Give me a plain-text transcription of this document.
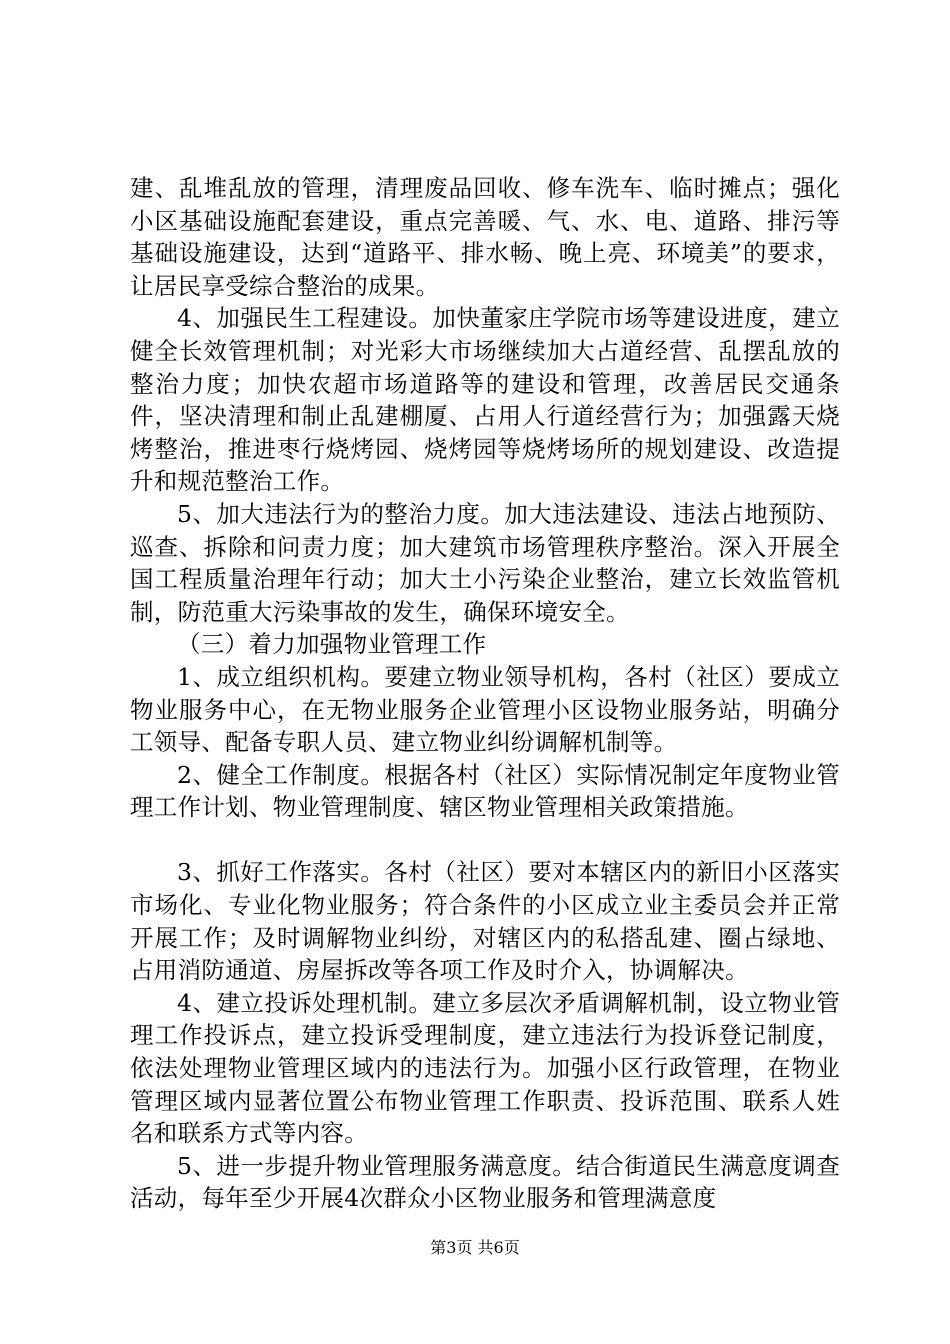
建、乱堆乱放的管理，清理废品回收、修车洗车、临时摊点；强化小区基础设施配套建设，重点完善暖、气、水、电、道路、排污等基础设施建设，达到“道路平、排水畅、晚上亮、环境美”的要求，让居民享受综合整治的成果。

4、加强民生工程建设。加快董家庄学院市场等建设进度，建立健全长效管理机制；对光彩大市场继续加大占道经营、乱摆乱放的整治力度；加快农超市场道路等的建设和管理，改善居民交通条件，坚决清理和制止乱建棚厦、占用人行道经营行为；加强露天烧烤整治，推进枣行烧烤园、烧烤园等烧烤场所的规划建设、改造提升和规范整治工作。

5、加大违法行为的整治力度。加大违法建设、违法占地预防、巡查、拆除和问责力度；加大建筑市场管理秩序整治。深入开展全国工程质量治理年行动；加大土小污染企业整治，建立长效监管机制，防范重大污染事故的发生，确保环境安全。

（三）着力加强物业管理工作

1、成立组织机构。要建立物业领导机构，各村（社区）要成立物业服务中心，在无物业服务企业管理小区设物业服务站，明确分工领导、配备专职人员、建立物业纠纷调解机制等。

2、健全工作制度。根据各村（社区）实际情况制定年度物业管理工作计划、物业管理制度、辖区物业管理相关政策措施。

3、抓好工作落实。各村（社区）要对本辖区内的新旧小区落实市场化、专业化物业服务；符合条件的小区成立业主委员会并正常开展工作；及时调解物业纠纷，对辖区内的私搭乱建、圈占绿地、占用消防通道、房屋拆改等各项工作及时介入，协调解决。

4、建立投诉处理机制。建立多层次矛盾调解机制，设立物业管理工作投诉点，建立投诉受理制度，建立违法行为投诉登记制度，依法处理物业管理区域内的违法行为。加强小区行政管理，在物业管理区域内显著位置公布物业管理工作职责、投诉范围、联系人姓名和联系方式等内容。

5、进一步提升物业管理服务满意度。结合街道民生满意度调查活动，每年至少开展4次群众小区物业服务和管理满意度

第3页 共6页
